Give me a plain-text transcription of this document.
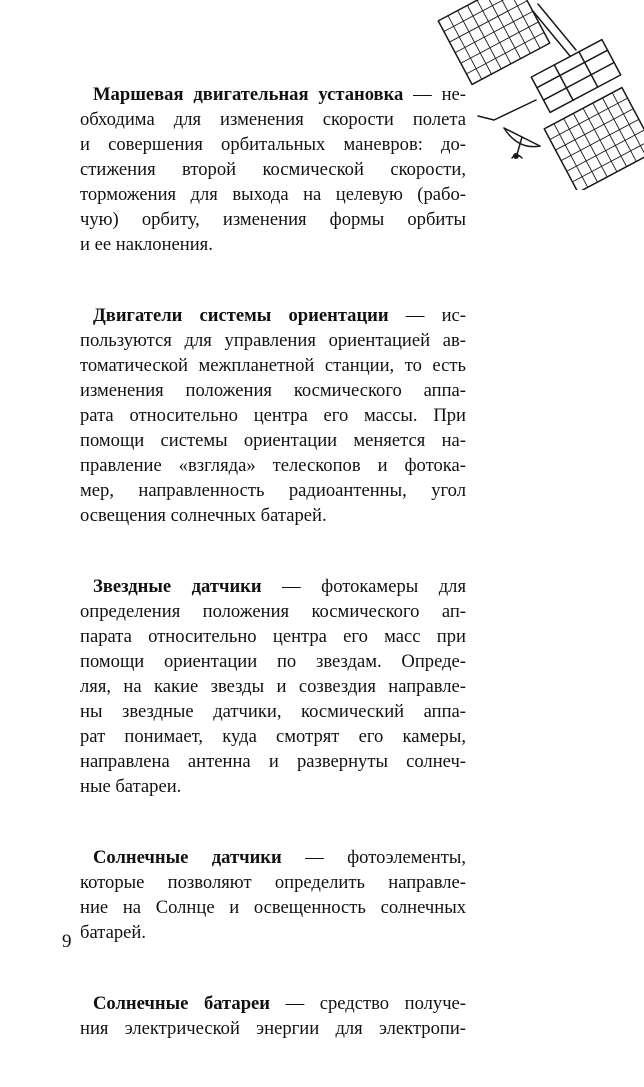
Маршевая двигательная установка — не-
обходима для изменения скорости полета
и совершения орбитальных маневров: до-
стижения второй космической скорости,
торможения для выхода на целевую (рабо-
чую) орбиту, изменения формы орбиты
и ее наклонения.

Двигатели системы ориентации — ис-
пользуются для управления ориентацией ав-
томатической межпланетной станции, то есть
изменения положения космического аппа-
рата относительно центра его массы. При
помощи системы ориентации меняется на-
правление «взгляда» телескопов и фотока-
мер, направленность радиоантенны, угол
освещения солнечных батарей.

Звездные датчики — фотокамеры для
определения положения космического ап-
парата относительно центра его масс при
помощи ориентации по звездам. Опреде-
ляя, на какие звезды и созвездия направле-
ны звездные датчики, космический аппа-
рат понимает, куда смотрят его камеры,
направлена антенна и развернуты солнеч-
ные батареи.

Солнечные датчики — фотоэлементы,
которые позволяют определить направле-
ние на Солнце и освещенность солнечных
батарей.

Солнечные батареи — средство получе-
ния электрической энергии для электропи-

9
